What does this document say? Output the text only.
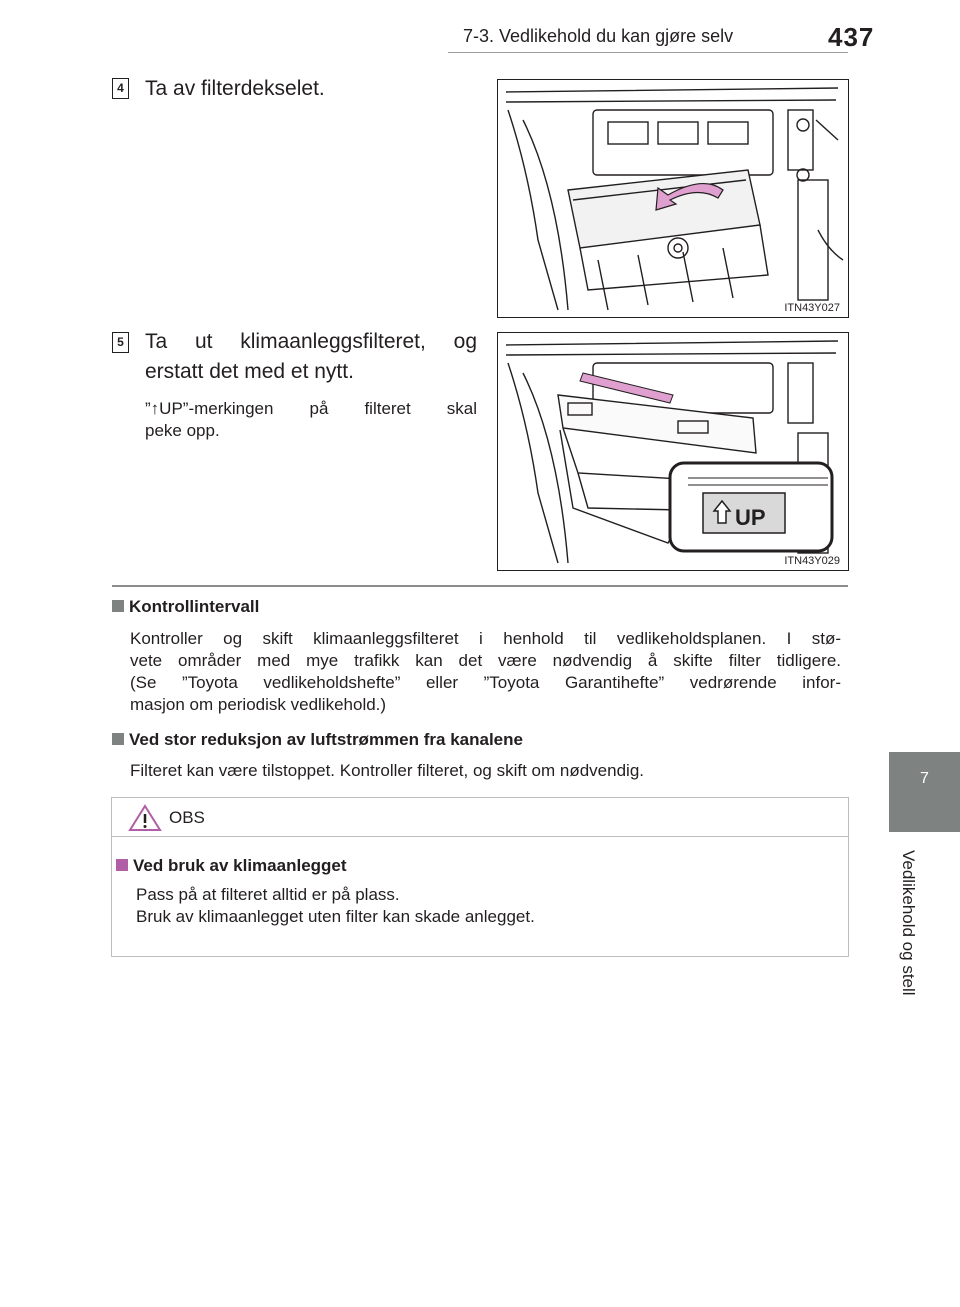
7-3. Vedlikehold du kan gjøre selv	437
7
Vedlikehold og stell
4 Ta av filterdekselet.
ITN43Y027
5 Ta ut klimaanleggsfilteret, og
erstatt det med et nytt.
”↑UP”-merkingen på filteret skal
peke opp.
UP
ITN43Y029
Kontrollintervall
Kontroller og skift klimaanleggsfilteret i henhold til vedlikeholdsplanen. I stø-
vete områder med mye trafikk kan det være nødvendig å skifte filter tidligere.
(Se ”Toyota vedlikeholdshefte” eller ”Toyota Garantihefte” vedrørende infor-
masjon om periodisk vedlikehold.)
Ved stor reduksjon av luftstrømmen fra kanalene
Filteret kan være tilstoppet. Kontroller filteret, og skift om nødvendig.
OBS
Ved bruk av klimaanlegget
Pass på at filteret alltid er på plass.
Bruk av klimaanlegget uten filter kan skade anlegget.
